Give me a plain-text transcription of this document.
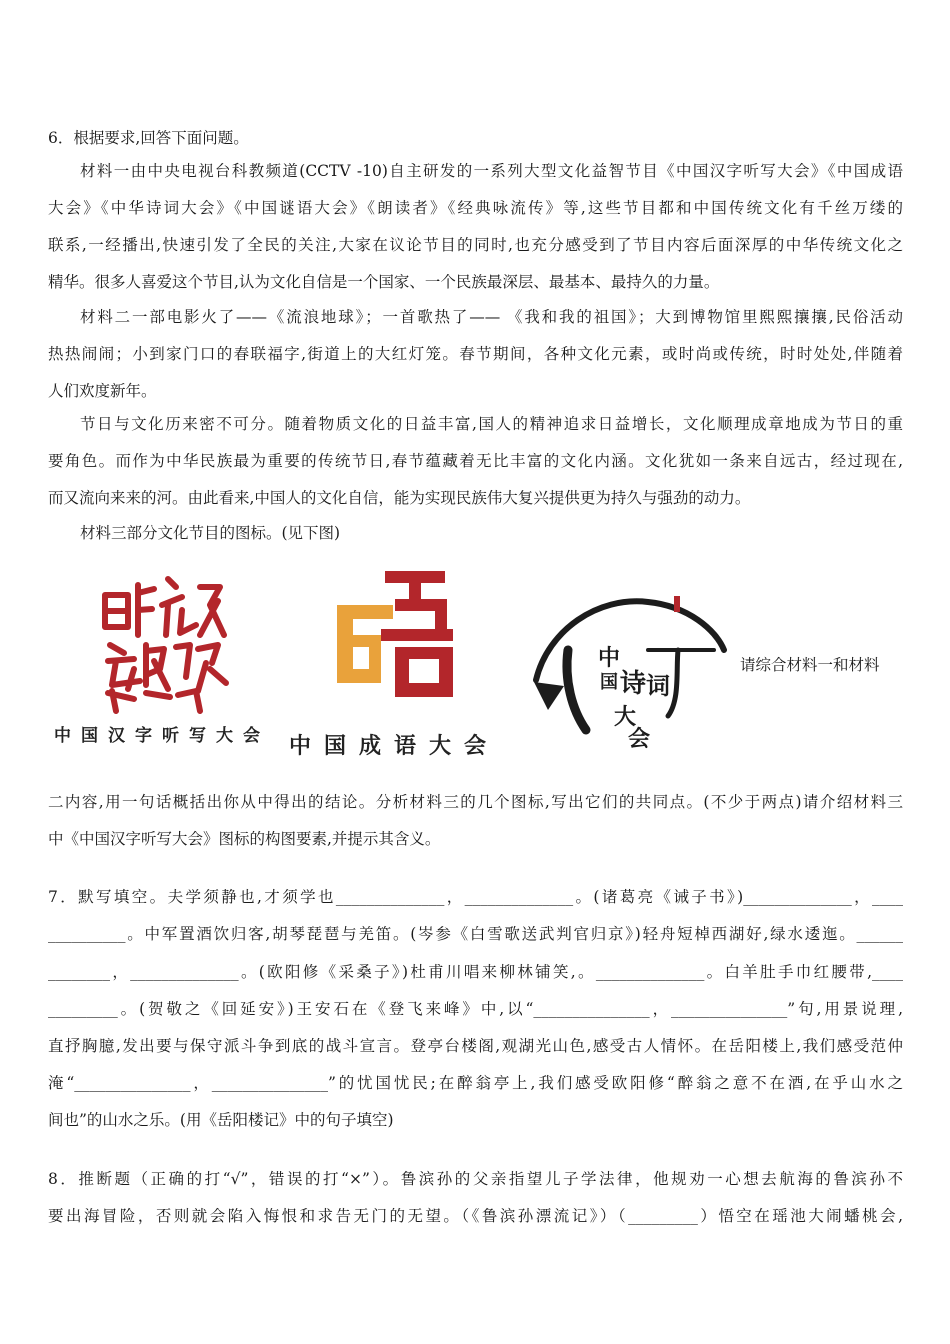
6．根据要求,回答下面问题。
材料一由中央电视台科教频道(CCTV -10)自主研发的一系列大型文化益智节目《中国汉字听写大会》《中国成语
大会》《中华诗词大会》《中国谜语大会》《朗读者》《经典咏流传》等,这些节目都和中国传统文化有千丝万缕的
联系,一经播出,快速引发了全民的关注,大家在议论节目的同时,也充分感受到了节目内容后面深厚的中华传统文化之
精华。很多人喜爱这个节目,认为文化自信是一个国家、一个民族最深层、最基本、最持久的力量。
材料二一部电影火了——《流浪地球》；一首歌热了—— 《我和我的祖国》；大到博物馆里熙熙攘攘,民俗活动
热热闹闹；小到家门口的春联福字,街道上的大红灯笼。春节期间，各种文化元素，或时尚或传统，时时处处,伴随着
人们欢度新年。
节日与文化历来密不可分。随着物质文化的日益丰富,国人的精神追求日益增长，文化顺理成章地成为节日的重
要角色。而作为中华民族最为重要的传统节日,春节蕴藏着无比丰富的文化内涵。文化犹如一条来自远古，经过现在,
而又流向来来的河。由此看来,中国人的文化自信，能为实现民族伟大复兴提供更为持久与强劲的动力。
材料三部分文化节目的图标。(见下图)
中国汉字听写大会 中国成语大会
中
国 诗 词
大
会
请综合材料一和材料
二内容,用一句话概括出你从中得出的结论。分析材料三的几个图标,写出它们的共同点。(不少于两点)请介绍材料三
中《中国汉字听写大会》图标的构图要素,并提示其含义。
7．默写填空。夫学须静也,才须学也______________，______________。(诸葛亮《诫子书》)______________，____
__________。中军置酒饮归客,胡琴琵琶与羌笛。(岑参《白雪歌送武判官归京》)轻舟短棹西湖好,绿水逶迤。______
________，______________。(欧阳修《采桑子》)杜甫川唱来柳林铺笑,。______________。白羊肚手巾红腰带,____
_________。(贺敬之《回延安》)王安石在《登飞来峰》中,以“_______________，_______________”句,用景说理,
直抒胸臆,发出要与保守派斗争到底的战斗宣言。登亭台楼阁,观湖光山色,感受古人情怀。在岳阳楼上,我们感受范仲
淹“_______________，_______________”的忧国忧民;在醉翁亭上,我们感受欧阳修“醉翁之意不在酒,在乎山水之
间也”的山水之乐。(用《岳阳楼记》中的句子填空)
8．推断题（正确的打“√”，错误的打“×”）。鲁滨孙的父亲指望儿子学法律，他规劝一心想去航海的鲁滨孙不
要出海冒险，否则就会陷入悔恨和求告无门的无望。（《鲁滨孙漂流记》）（_________）悟空在瑶池大闹蟠桃会,
